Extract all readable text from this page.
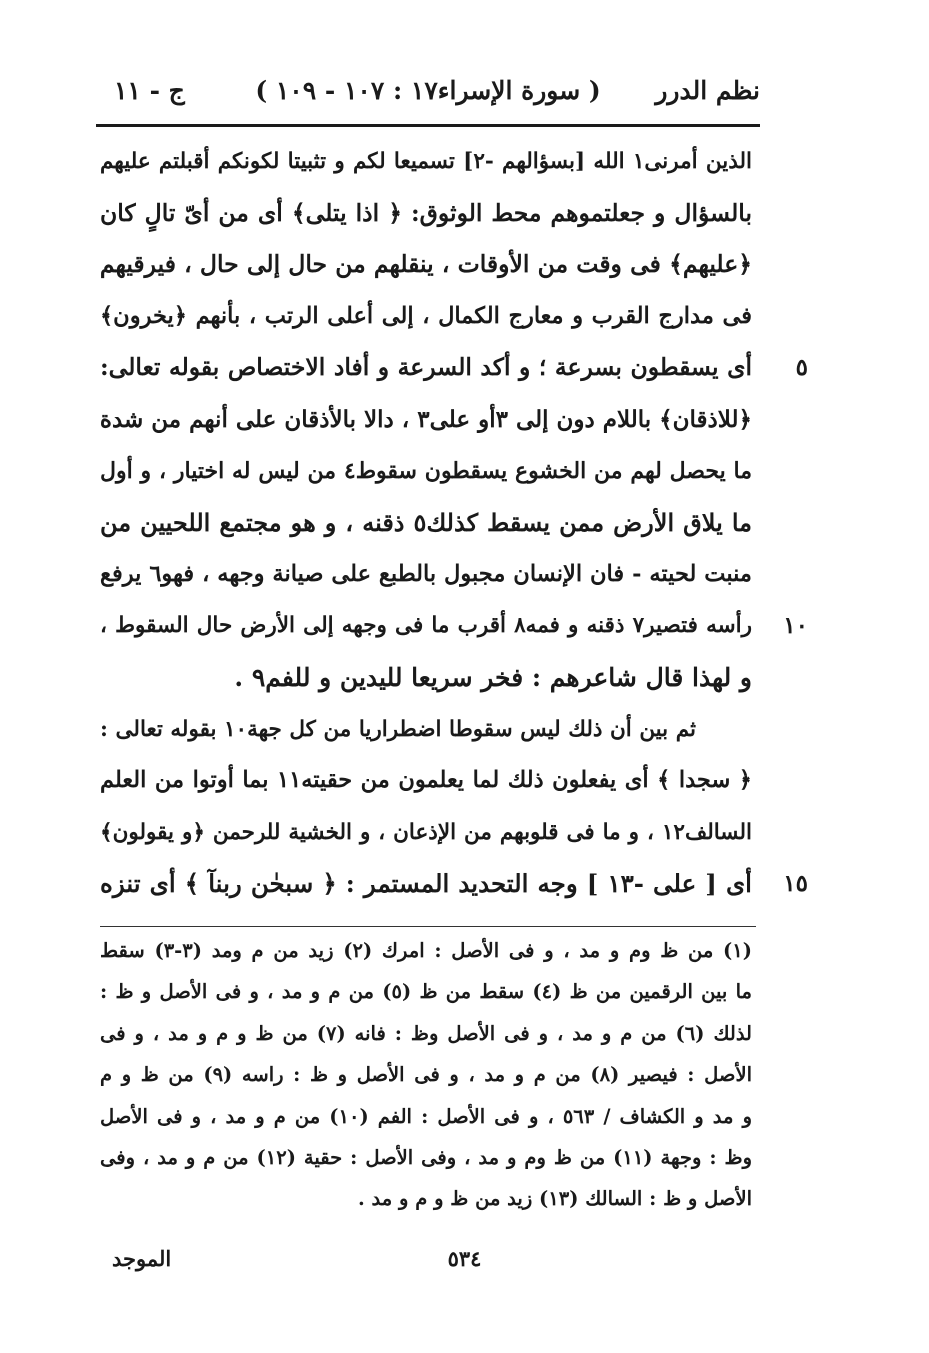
نظم الدرر
( سورة الإسراء١٧ : ١٠٧ - ١٠٩ )
ج - ١١
الذين أمرنى١ الله [بسؤالهم -٢] تسميعا لكم و تثبيتا لكونكم أقبلتم عليهم
بالسؤال و جعلتموهم محط الوثوق: ﴿ اذا يتلى﴾ أى من أىّ تالٍ كان
﴿عليهم﴾ فى وقت من الأوقات ، ينقلهم من حال إلى حال ، فيرقيهم
فى مدارج القرب و معارج الكمال ، إلى أعلى الرتب ، بأنهم ﴿يخرون﴾
أى يسقطون بسرعة ؛ و أكد السرعة و أفاد الاختصاص بقوله تعالى:	٥
﴿للاذقان﴾ باللام دون إلى ٣أو على٣ ، دالا بالأذقان على أنهم من شدة
ما يحصل لهم من الخشوع يسقطون سقوط٤ من ليس له اختيار ، و أول
ما يلاق الأرض ممن يسقط كذلك٥ ذقنه ، و هو مجتمع اللحيين من
منبت لحيته - فان الإنسان مجبول بالطبع على صيانة وجهه ، فهو٦ يرفع
رأسه فتصير٧ ذقنه و فمه٨ أقرب ما فى وجهه إلى الأرض حال السقوط ،	١٠
و لهذا قال شاعرهم : فخر سريعا لليدين و للفم٩ .
ثم بين أن ذلك ليس سقوطا اضطراريا من كل جهة١٠ بقوله تعالى :
﴿ سجدا ﴾ أى يفعلون ذلك لما يعلمون من حقيته١١ بما أوتوا من العلم
السالف١٢ ، و ما فى قلوبهم من الإذعان ، و الخشية للرحمن ﴿و يقولون﴾
أى [ على -١٣ ] وجه التحديد المستمر : ﴿ سبحٰن ربنآ ﴾ أى تنزه	١٥
(١) من ظ وم و مد ، و فى الأصل : امرك (٢) زيد من م ومد (٣-٣) سقط
ما بين الرقمين من ظ (٤) سقط من ظ (٥) من م و مد ، و فى الأصل و ظ :
لذلك (٦) من م و مد ، و فى الأصل وظ : فانه (٧) من ظ و م و مد ، و فى
الأصل : فيصير (٨) من م و مد ، و فى الأصل و ظ : راسه (٩) من ظ و م
و مد و الكشاف / ٥٦٣ ، و فى الأصل : الفم (١٠) من م و مد ، و فى الأصل
وظ : وجهة (١١) من ظ وم و مد ، وفى الأصل : حقية (١٢) من م و مد ، وفى
الأصل و ظ : السالك (١٣) زيد من ظ و م و مد .
٥٣٤
الموجد
